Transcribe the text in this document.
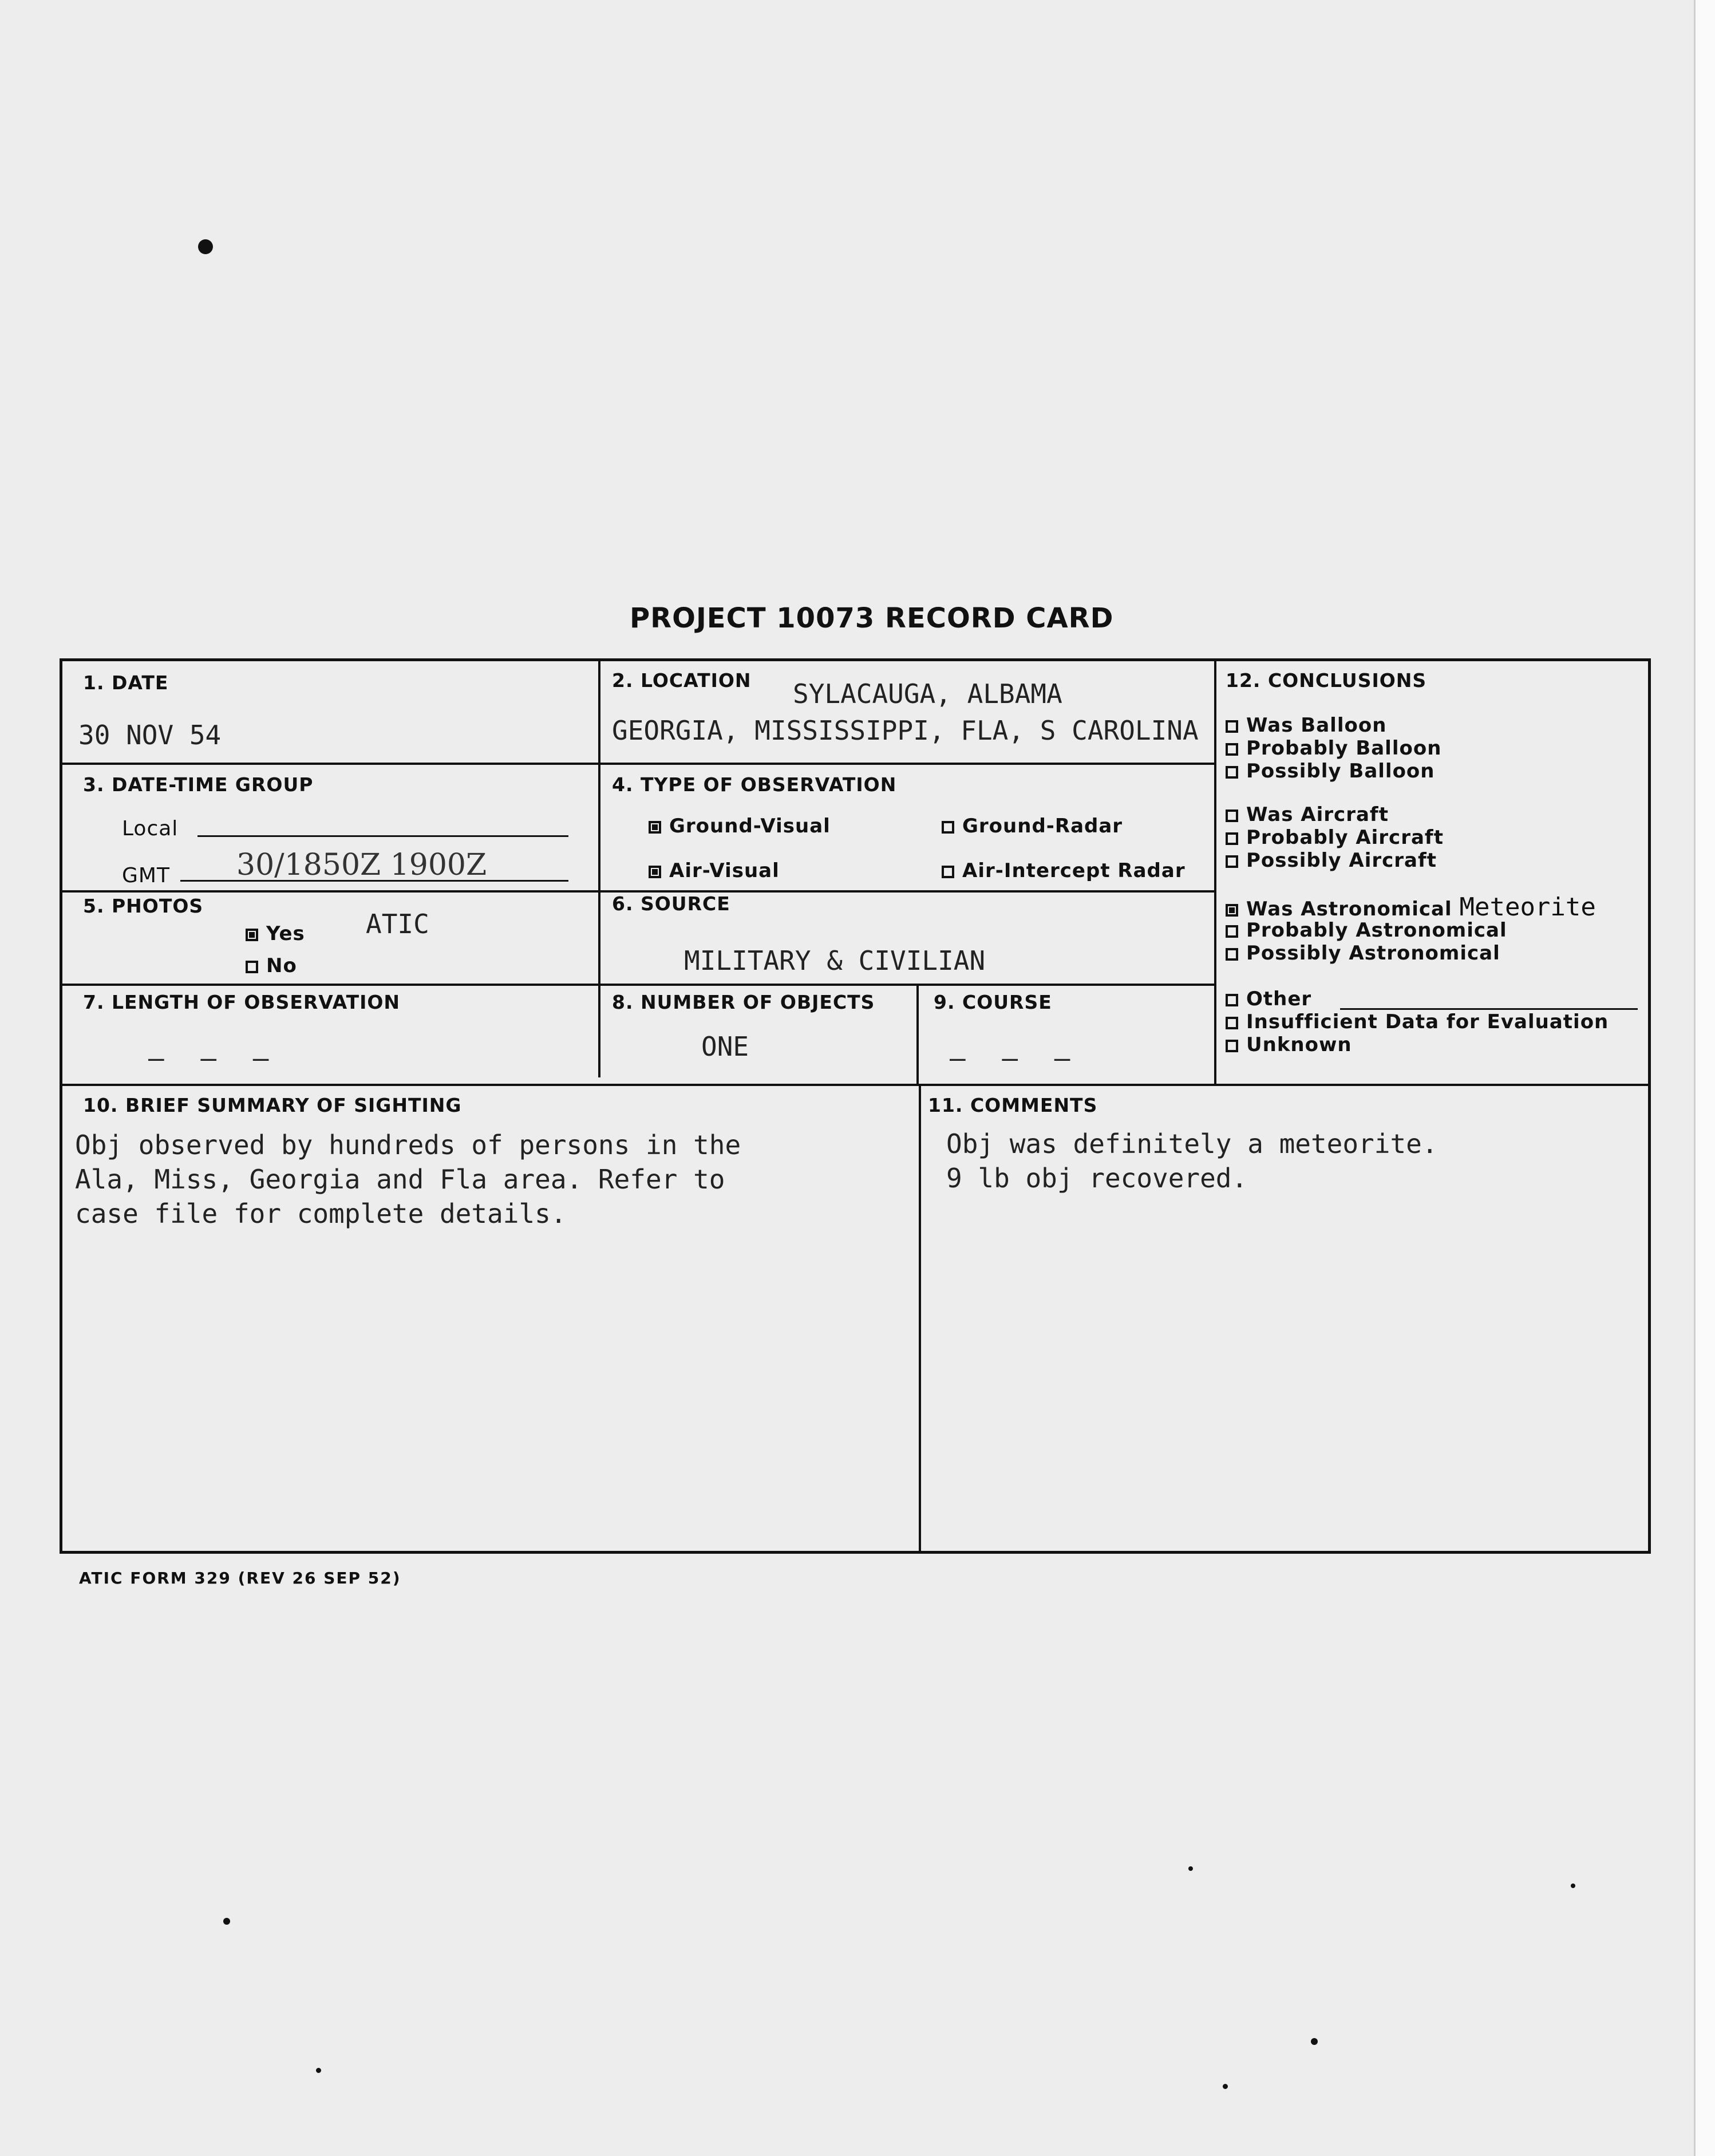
PROJECT 10073 RECORD CARD
1. DATE
30 NOV 54
2. LOCATION SYLACAUGA, ALBAMA
GEORGIA, MISSISSIPPI, FLA, S CAROLINA
3. DATE-TIME GROUP
Local
GMT 30/1850Z 1900Z
4. TYPE OF OBSERVATION
Ground-Visual	Ground-Radar
Air-Visual	Air-Intercept Radar
5. PHOTOS
Yes ATIC
No
6. SOURCE
MILITARY & CIVILIAN
7. LENGTH OF OBSERVATION
— — —
8. NUMBER OF OBJECTS
ONE
9. COURSE
— — —
10. BRIEF SUMMARY OF SIGHTING
Obj observed by hundreds of persons in the
Ala, Miss, Georgia and Fla area. Refer to
case file for complete details.
11. COMMENTS
Obj was definitely a meteorite.
9 lb obj recovered.
12. CONCLUSIONS
Was Balloon
Probably Balloon
Possibly Balloon
Was Aircraft
Probably Aircraft
Possibly Aircraft
Was Astronomical Meteorite
Probably Astronomical
Possibly Astronomical
Other
Insufficient Data for Evaluation
Unknown
ATIC FORM 329 (REV 26 SEP 52)
